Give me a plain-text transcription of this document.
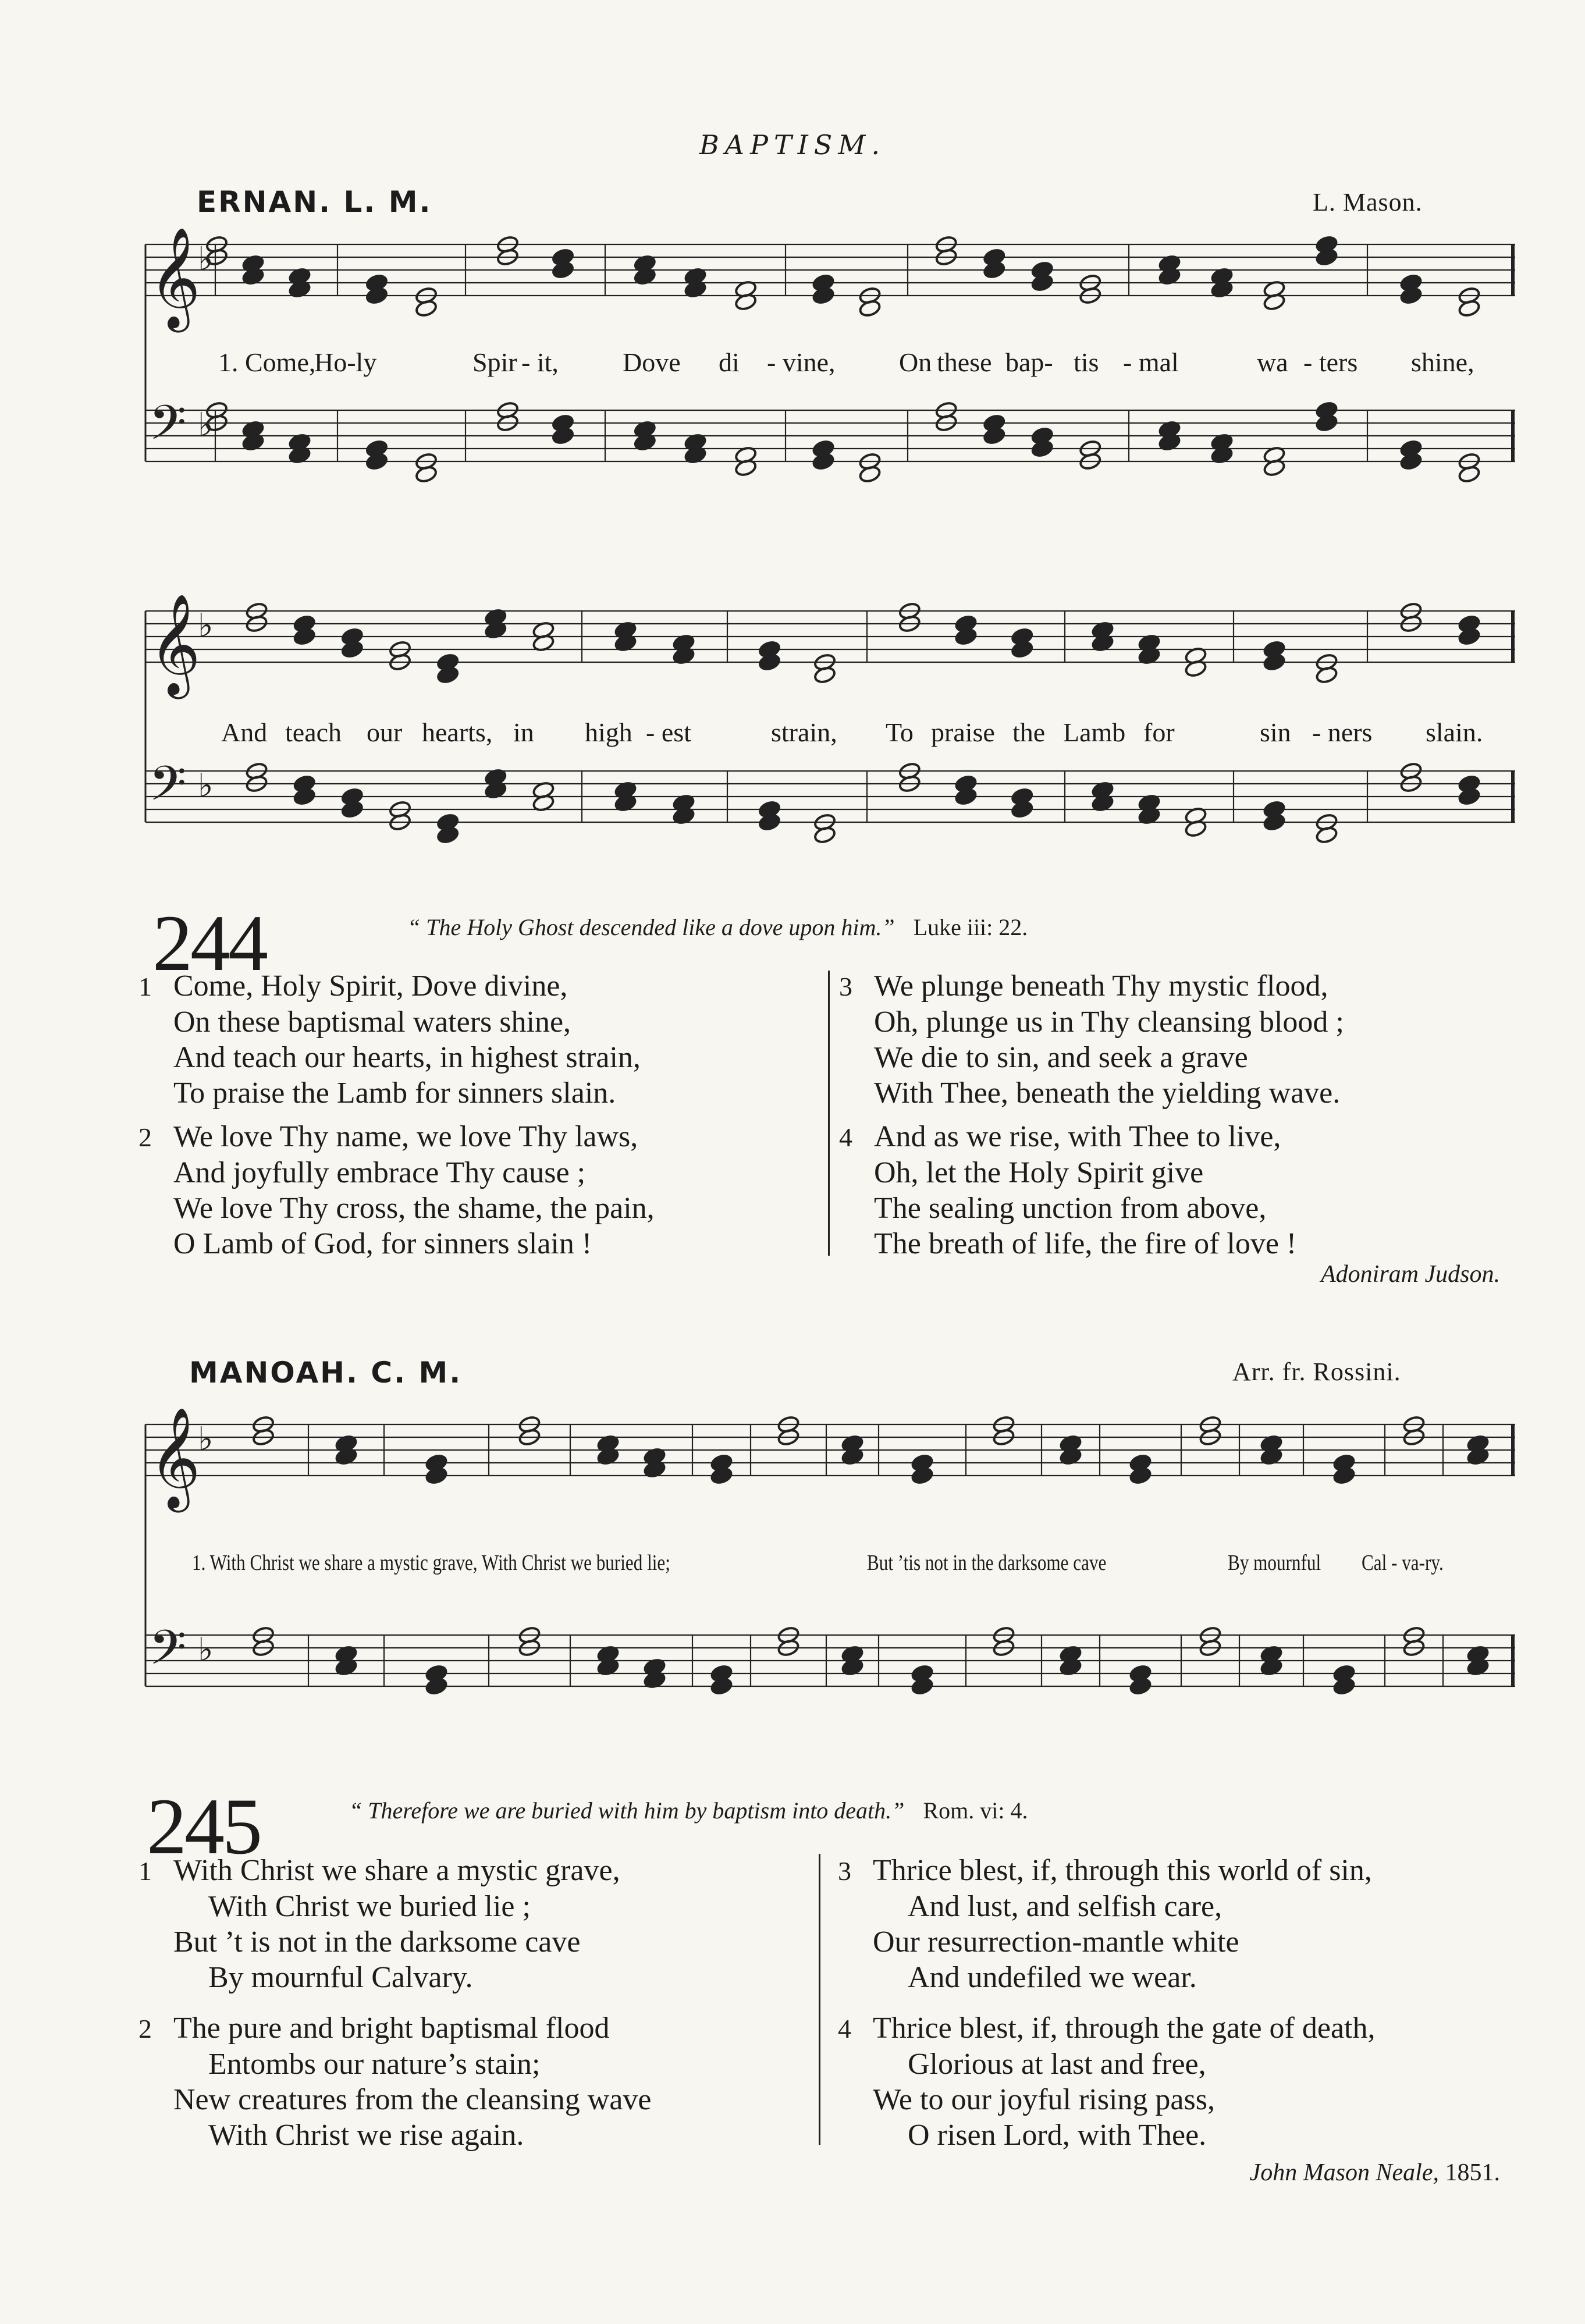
BAPTISM.
ERNAN. L. M.	L. Mason.
𝄞
♭
𝄢 ♭
1. Come,
Ho-ly	Spir - it, Dove di - vine, On these bap- tis - mal	wa - ters shine,
𝄞
♭
𝄢 ♭
And teach our hearts, in high - est	strain, To praise the Lamb for	sin - ners slain.
244	“ The Holy Ghost descended like a dove upon him.” Luke iii: 22.
1 Come, Holy Spirit, Dove divine,
On these baptismal waters shine,
And teach our hearts, in highest strain,
To praise the Lamb for sinners slain.
2 We love Thy name, we love Thy laws,
And joyfully embrace Thy cause ;
We love Thy cross, the shame, the pain,
O Lamb of God, for sinners slain !
3 We plunge beneath Thy mystic flood,
Oh, plunge us in Thy cleansing blood ;
We die to sin, and seek a grave
With Thee, beneath the yielding wave.
4 And as we rise, with Thee to live,
Oh, let the Holy Spirit give
The sealing unction from above,
The breath of life, the fire of love !
Adoniram Judson.
MANOAH. C. M.	Arr. fr. Rossini.
𝄞
♭
𝄢 ♭
1. With Christ we share a mystic grave, With Christ we buried lie;	But ’tis not in the darksome cave	By mournful Cal - va-ry.
245	“ Therefore we are buried with him by baptism into death.” Rom. vi: 4.
1 With Christ we share a mystic grave,
With Christ we buried lie ;
But ’t is not in the darksome cave
By mournful Calvary.
2 The pure and bright baptismal flood
Entombs our nature’s stain;
New creatures from the cleansing wave
With Christ we rise again.
3 Thrice blest, if, through this world of sin,
And lust, and selfish care,
Our resurrection-mantle white
And undefiled we wear.
4 Thrice blest, if, through the gate of death,
Glorious at last and free,
We to our joyful rising pass,
O risen Lord, with Thee.
John Mason Neale, 1851.
